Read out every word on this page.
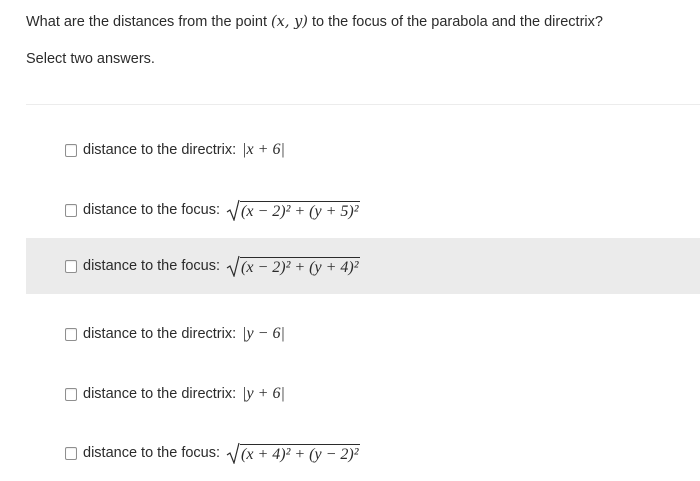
What are the distances from the point (x, y) to the focus of the parabola and the directrix?
Select two answers.
distance to the directrix: |x + 6|
distance to the focus: (x − 2)² + (y + 5)²
distance to the focus: (x − 2)² + (y + 4)²
distance to the directrix: |y − 6|
distance to the directrix: |y + 6|
distance to the focus: (x + 4)² + (y − 2)²
